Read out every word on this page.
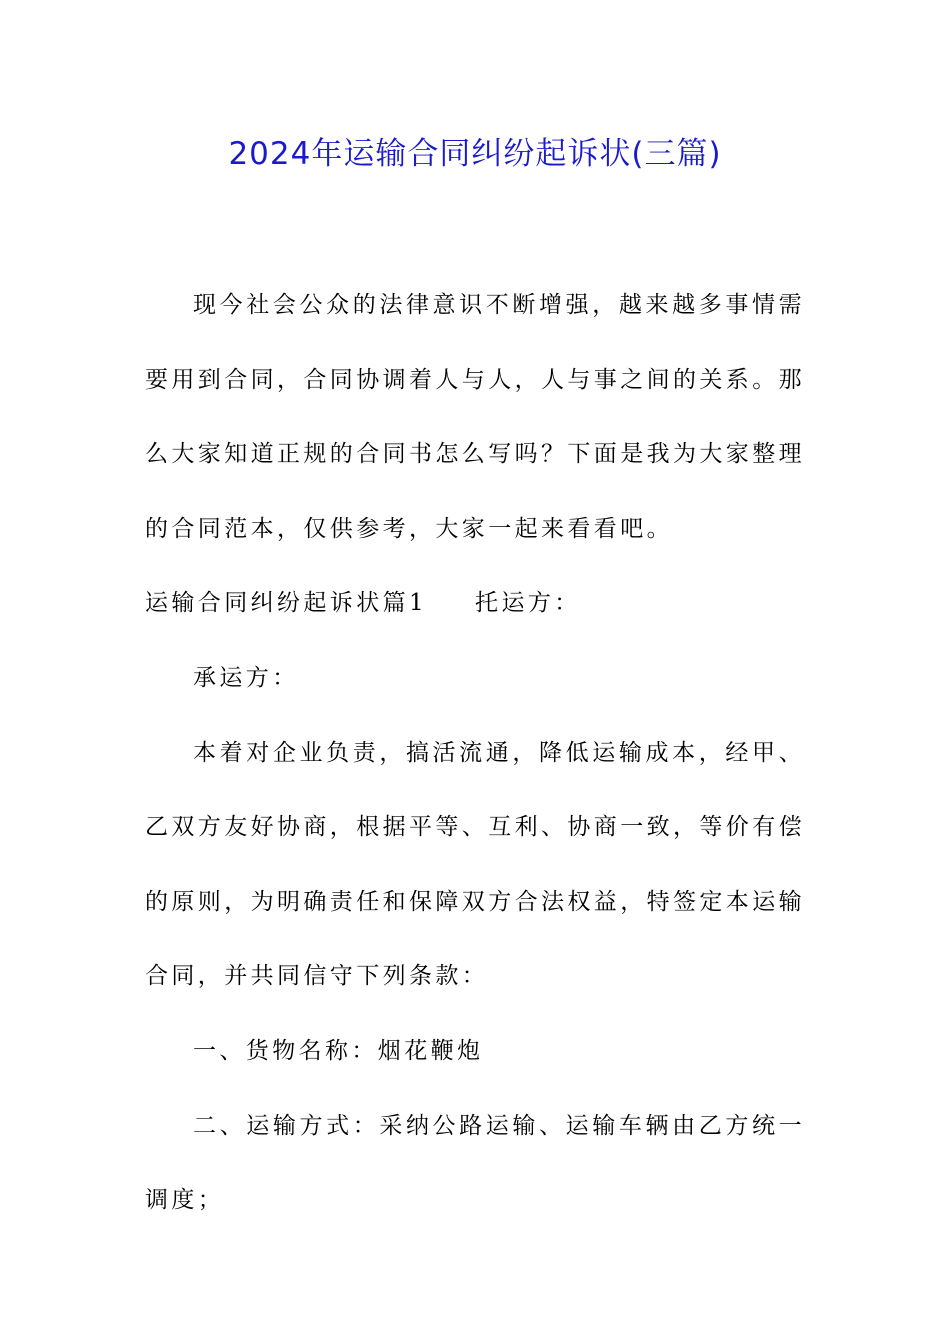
2024年运输合同纠纷起诉状(三篇)

现今社会公众的法律意识不断增强，越来越多事情需要用到合同，合同协调着人与人，人与事之间的关系。那么大家知道正规的合同书怎么写吗？下面是我为大家整理的合同范本，仅供参考，大家一起来看看吧。

运输合同纠纷起诉状篇1 托运方：

承运方：

本着对企业负责，搞活流通，降低运输成本，经甲、乙双方友好协商，根据平等、互利、协商一致，等价有偿的原则，为明确责任和保障双方合法权益，特签定本运输合同，并共同信守下列条款：

一、货物名称：烟花鞭炮

二、运输方式：采纳公路运输、运输车辆由乙方统一调度；
